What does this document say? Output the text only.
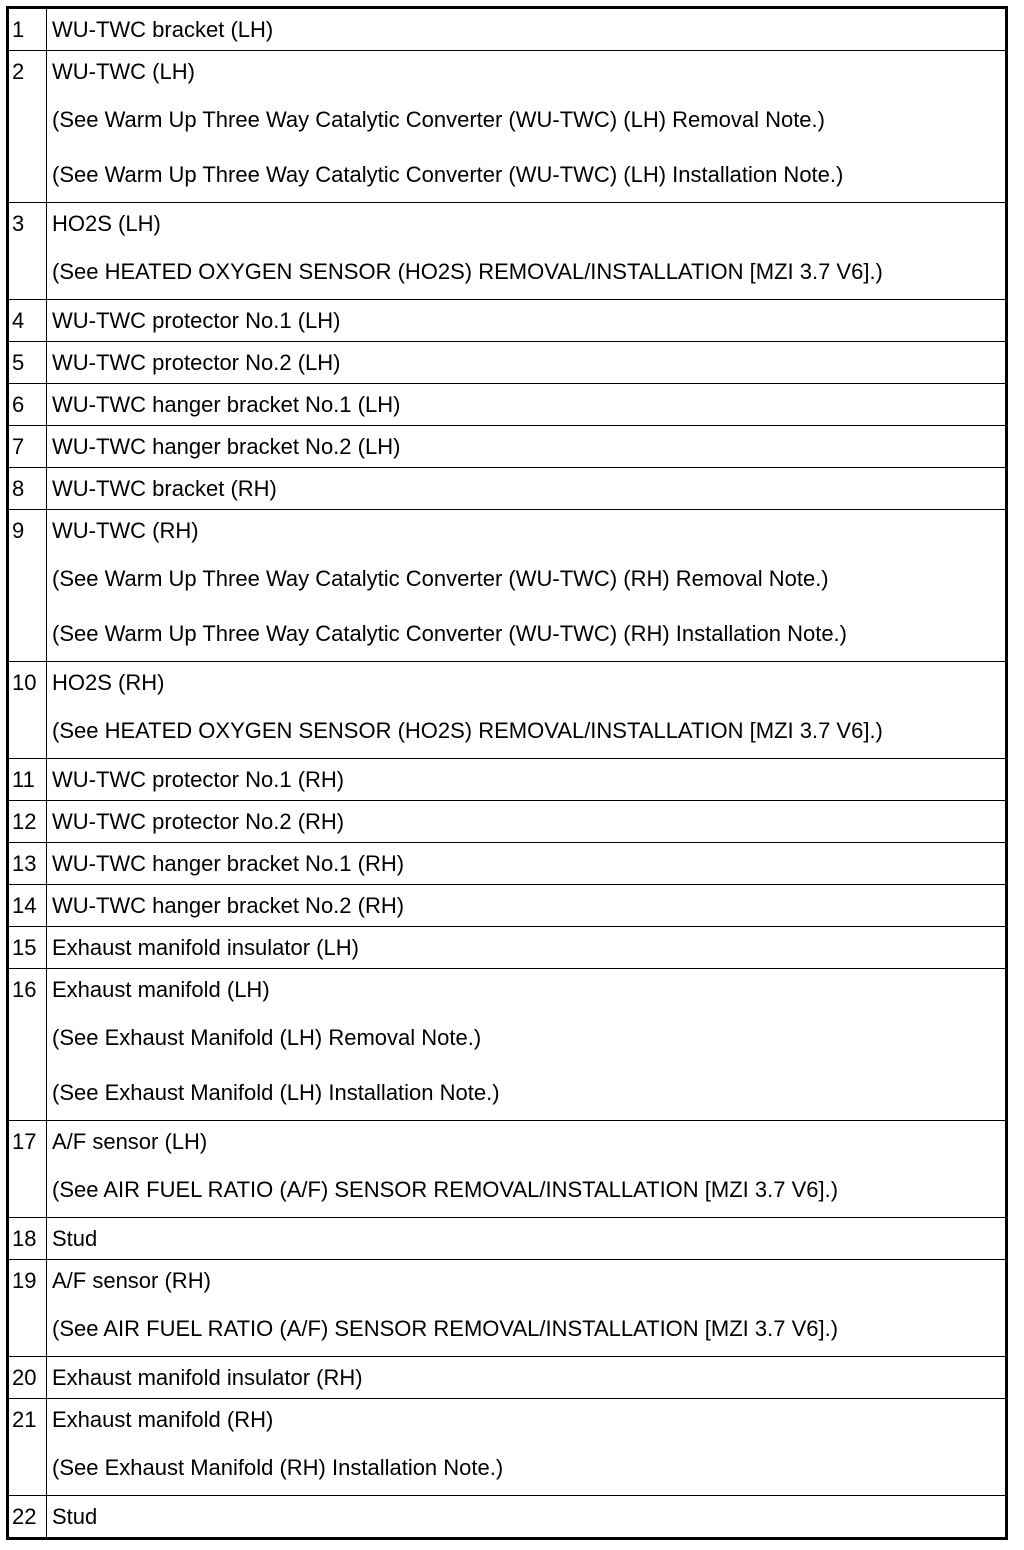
1	WU-TWC bracket (LH)

2	WU-TWC (LH)
(See Warm Up Three Way Catalytic Converter (WU-TWC) (LH) Removal Note.)
(See Warm Up Three Way Catalytic Converter (WU-TWC) (LH) Installation Note.)

3	HO2S (LH)
(See HEATED OXYGEN SENSOR (HO2S) REMOVAL/INSTALLATION [MZI 3.7 V6].)

4	WU-TWC protector No.1 (LH)

5	WU-TWC protector No.2 (LH)

6	WU-TWC hanger bracket No.1 (LH)

7	WU-TWC hanger bracket No.2 (LH)

8	WU-TWC bracket (RH)

9	WU-TWC (RH)
(See Warm Up Three Way Catalytic Converter (WU-TWC) (RH) Removal Note.)
(See Warm Up Three Way Catalytic Converter (WU-TWC) (RH) Installation Note.)

10	HO2S (RH)
(See HEATED OXYGEN SENSOR (HO2S) REMOVAL/INSTALLATION [MZI 3.7 V6].)

11	WU-TWC protector No.1 (RH)

12	WU-TWC protector No.2 (RH)

13	WU-TWC hanger bracket No.1 (RH)

14	WU-TWC hanger bracket No.2 (RH)

15	Exhaust manifold insulator (LH)

16	Exhaust manifold (LH)
(See Exhaust Manifold (LH) Removal Note.)
(See Exhaust Manifold (LH) Installation Note.)

17	A/F sensor (LH)
(See AIR FUEL RATIO (A/F) SENSOR REMOVAL/INSTALLATION [MZI 3.7 V6].)

18	Stud

19	A/F sensor (RH)
(See AIR FUEL RATIO (A/F) SENSOR REMOVAL/INSTALLATION [MZI 3.7 V6].)

20	Exhaust manifold insulator (RH)

21	Exhaust manifold (RH)
(See Exhaust Manifold (RH) Installation Note.)

22	Stud
